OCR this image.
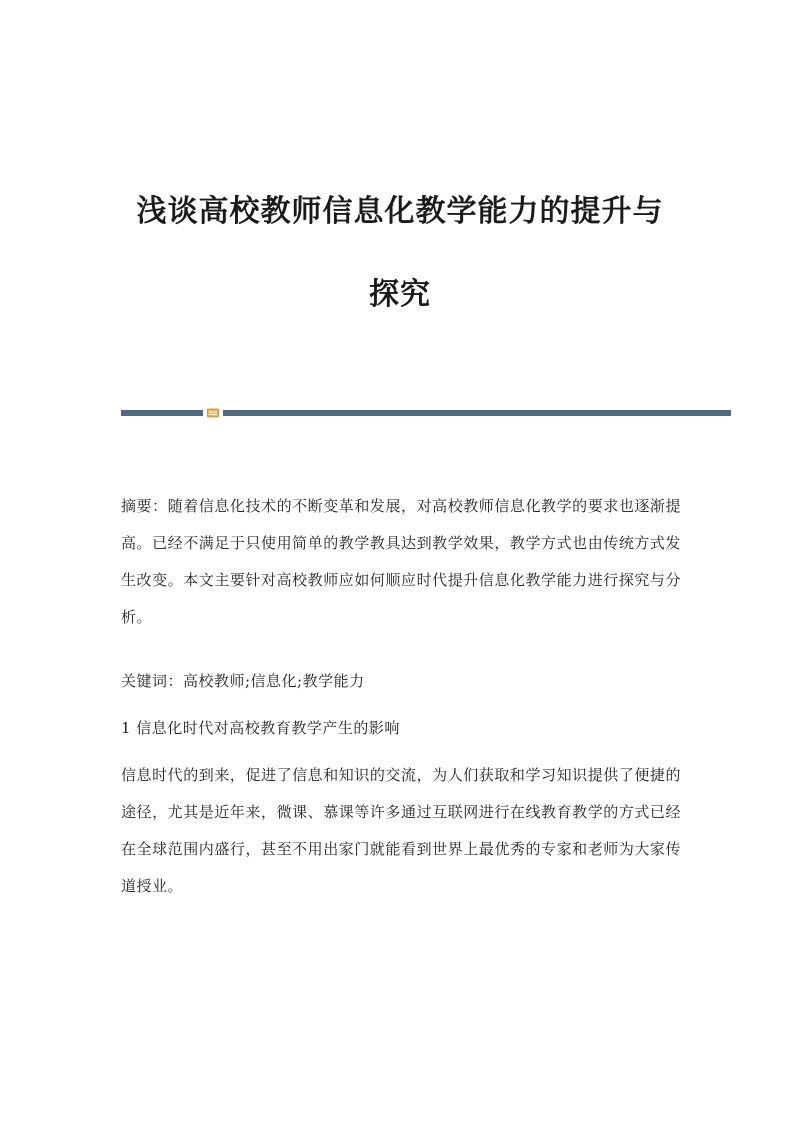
浅谈高校教师信息化教学能力的提升与
探究

摘要：随着信息化技术的不断变革和发展，对高校教师信息化教学的要求也逐渐提高。已经不满足于只使用简单的教学教具达到教学效果，教学方式也由传统方式发生改变。本文主要针对高校教师应如何顺应时代提升信息化教学能力进行探究与分析。

关键词：高校教师;信息化;教学能力

1 信息化时代对高校教育教学产生的影响

信息时代的到来，促进了信息和知识的交流，为人们获取和学习知识提供了便捷的途径，尤其是近年来，微课、慕课等许多通过互联网进行在线教育教学的方式已经在全球范围内盛行，甚至不用出家门就能看到世界上最优秀的专家和老师为大家传道授业。
